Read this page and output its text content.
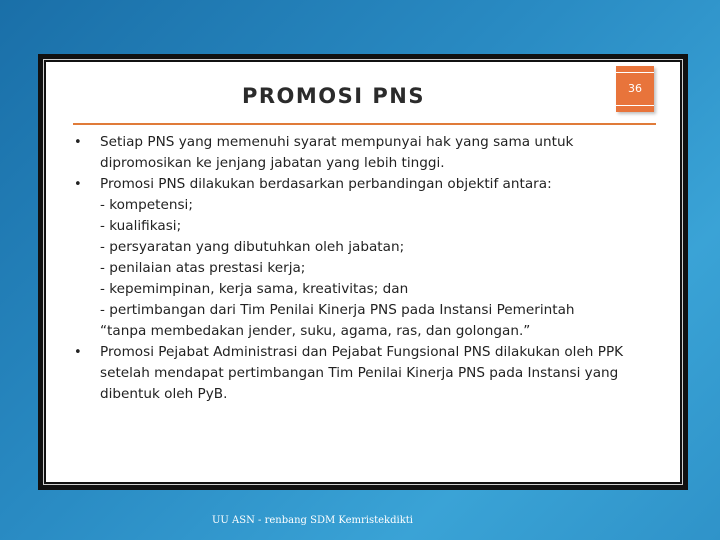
PROMOSI PNS	36
• Setiap PNS yang memenuhi syarat mempunyai hak yang sama untuk dipromosikan ke jenjang jabatan yang lebih tinggi.
• Promosi PNS dilakukan berdasarkan perbandingan objektif antara:
- kompetensi;
- kualifikasi;
- persyaratan yang dibutuhkan oleh jabatan;
- penilaian atas prestasi kerja;
- kepemimpinan, kerja sama, kreativitas; dan
- pertimbangan dari Tim Penilai Kinerja PNS pada Instansi Pemerintah
“tanpa membedakan jender, suku, agama, ras, dan golongan.”
• Promosi Pejabat Administrasi dan Pejabat Fungsional PNS dilakukan oleh PPK setelah mendapat pertimbangan Tim Penilai Kinerja PNS pada Instansi yang dibentuk oleh PyB.
UU ASN - renbang SDM Kemristekdikti
